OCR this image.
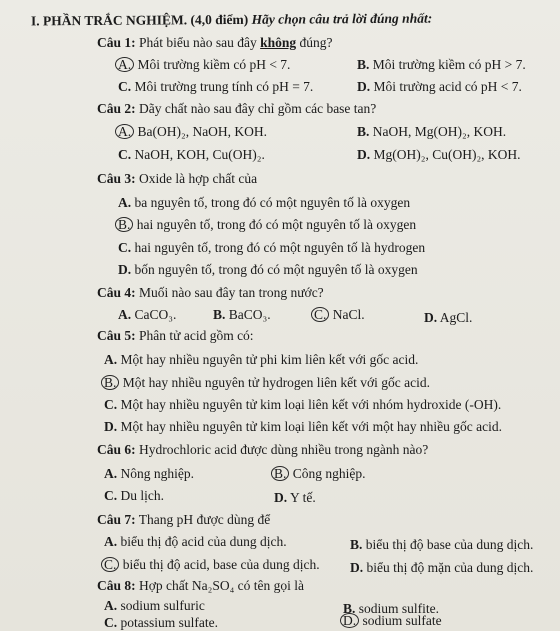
I. PHẦN TRẮC NGHIỆM. (4,0 điểm) Hãy chọn câu trả lời đúng nhất:
Câu 1: Phát biểu nào sau đây không đúng?
A. Môi trường kiềm có pH < 7.	B. Môi trường kiềm có pH > 7.
C. Môi trường trung tính có pH = 7.	D. Môi trường acid có pH < 7.
Câu 2: Dãy chất nào sau đây chỉ gồm các base tan?
A. Ba(OH)₂, NaOH, KOH.	B. NaOH, Mg(OH)₂, KOH.
C. NaOH, KOH, Cu(OH)₂.	D. Mg(OH)₂, Cu(OH)₂, KOH.
Câu 3: Oxide là hợp chất của
A. ba nguyên tố, trong đó có một nguyên tố là oxygen
B. hai nguyên tố, trong đó có một nguyên tố là oxygen
C. hai nguyên tố, trong đó có một nguyên tố là hydrogen
D. bốn nguyên tố, trong đó có một nguyên tố là oxygen
Câu 4: Muối nào sau đây tan trong nước?
A. CaCO₃.	B. BaCO₃.	C. NaCl.	D. AgCl.
Câu 5: Phân tử acid gồm có:
A. Một hay nhiều nguyên tử phi kim liên kết với gốc acid.
B. Một hay nhiều nguyên tử hydrogen liên kết với gốc acid.
C. Một hay nhiều nguyên tử kim loại liên kết với nhóm hydroxide (-OH).
D. Một hay nhiều nguyên tử kim loại liên kết với một hay nhiều gốc acid.
Câu 6: Hydrochloric acid được dùng nhiều trong ngành nào?
A. Nông nghiệp.	B. Công nghiệp.
C. Du lịch.	D. Y tế.
Câu 7: Thang pH được dùng để
A. biểu thị độ acid của dung dịch.	B. biểu thị độ base của dung dịch.
C. biểu thị độ acid, base của dung dịch. D. biểu thị độ mặn của dung dịch.
Câu 8: Hợp chất Na₂SO₄ có tên gọi là
A. sodium sulfuric	B. sodium sulfite.
C. potassium sulfate.	D. sodium sulfate
